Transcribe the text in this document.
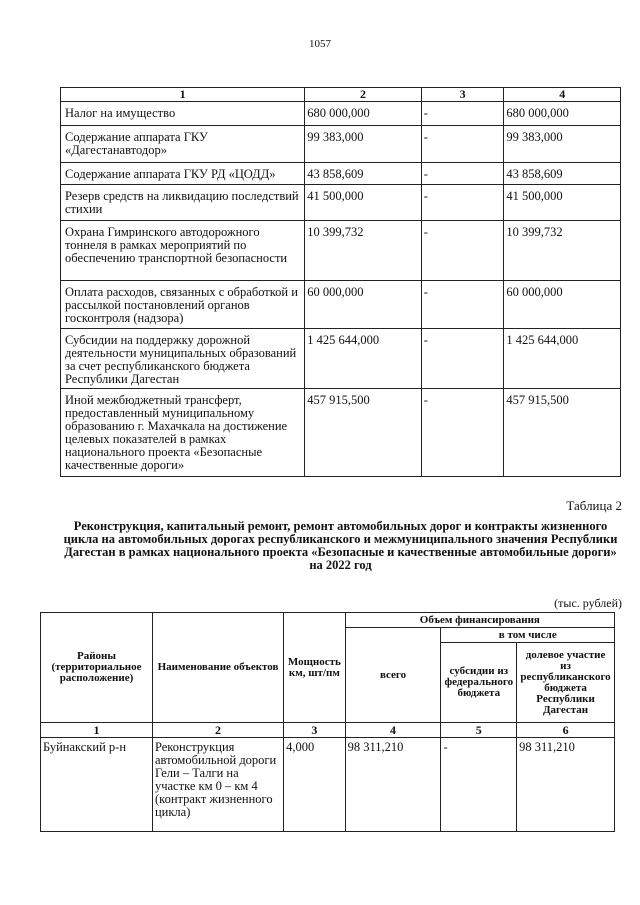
1057
1	2	3	4
Налог на имущество	680 000,000	-	680 000,000
Содержание аппарата ГКУ «Дагестанавтодор»	99 383,000	-	99 383,000
Содержание аппарата ГКУ РД «ЦОДД»	43 858,609	-	43 858,609
Резерв средств на ликвидацию последствий стихии	41 500,000	-	41 500,000
Охрана Гимринского автодорожного тоннеля в рамках мероприятий по обеспечению транспортной безопасности	10 399,732	-	10 399,732
Оплата расходов, связанных с обработкой и рассылкой постановлений органов госконтроля (надзора)	60 000,000	-	60 000,000
Субсидии на поддержку дорожной деятельности муниципальных образований за счет республиканского бюджета Республики Дагестан	1 425 644,000	-	1 425 644,000
Иной межбюджетный трансферт, предоставленный муниципальному образованию г. Махачкала на достижение целевых показателей в рамках национального проекта «Безопасные качественные дороги»	457 915,500	-	457 915,500
Таблица 2
Реконструкция, капитальный ремонт, ремонт автомобильных дорог и контракты жизненного цикла на автомобильных дорогах республиканского и межмуниципального значения Республики Дагестан в рамках национального проекта «Безопасные и качественные автомобильные дороги» на 2022 год
(тыс. рублей)
Районы (территориальное расположение)	Наименование объектов	Мощность км, шт/пм	Объем финансирования		
			всего	в том числе	
				субсидии из федерального бюджета	долевое участие из республиканского бюджета Республики Дагестан
1	2	3	4	5	6
Буйнакский р-н	Реконструкция автомобильной дороги Гели – Талги на участке км 0 – км 4 (контракт жизненного цикла)	4,000	98 311,210	-	98 311,210
